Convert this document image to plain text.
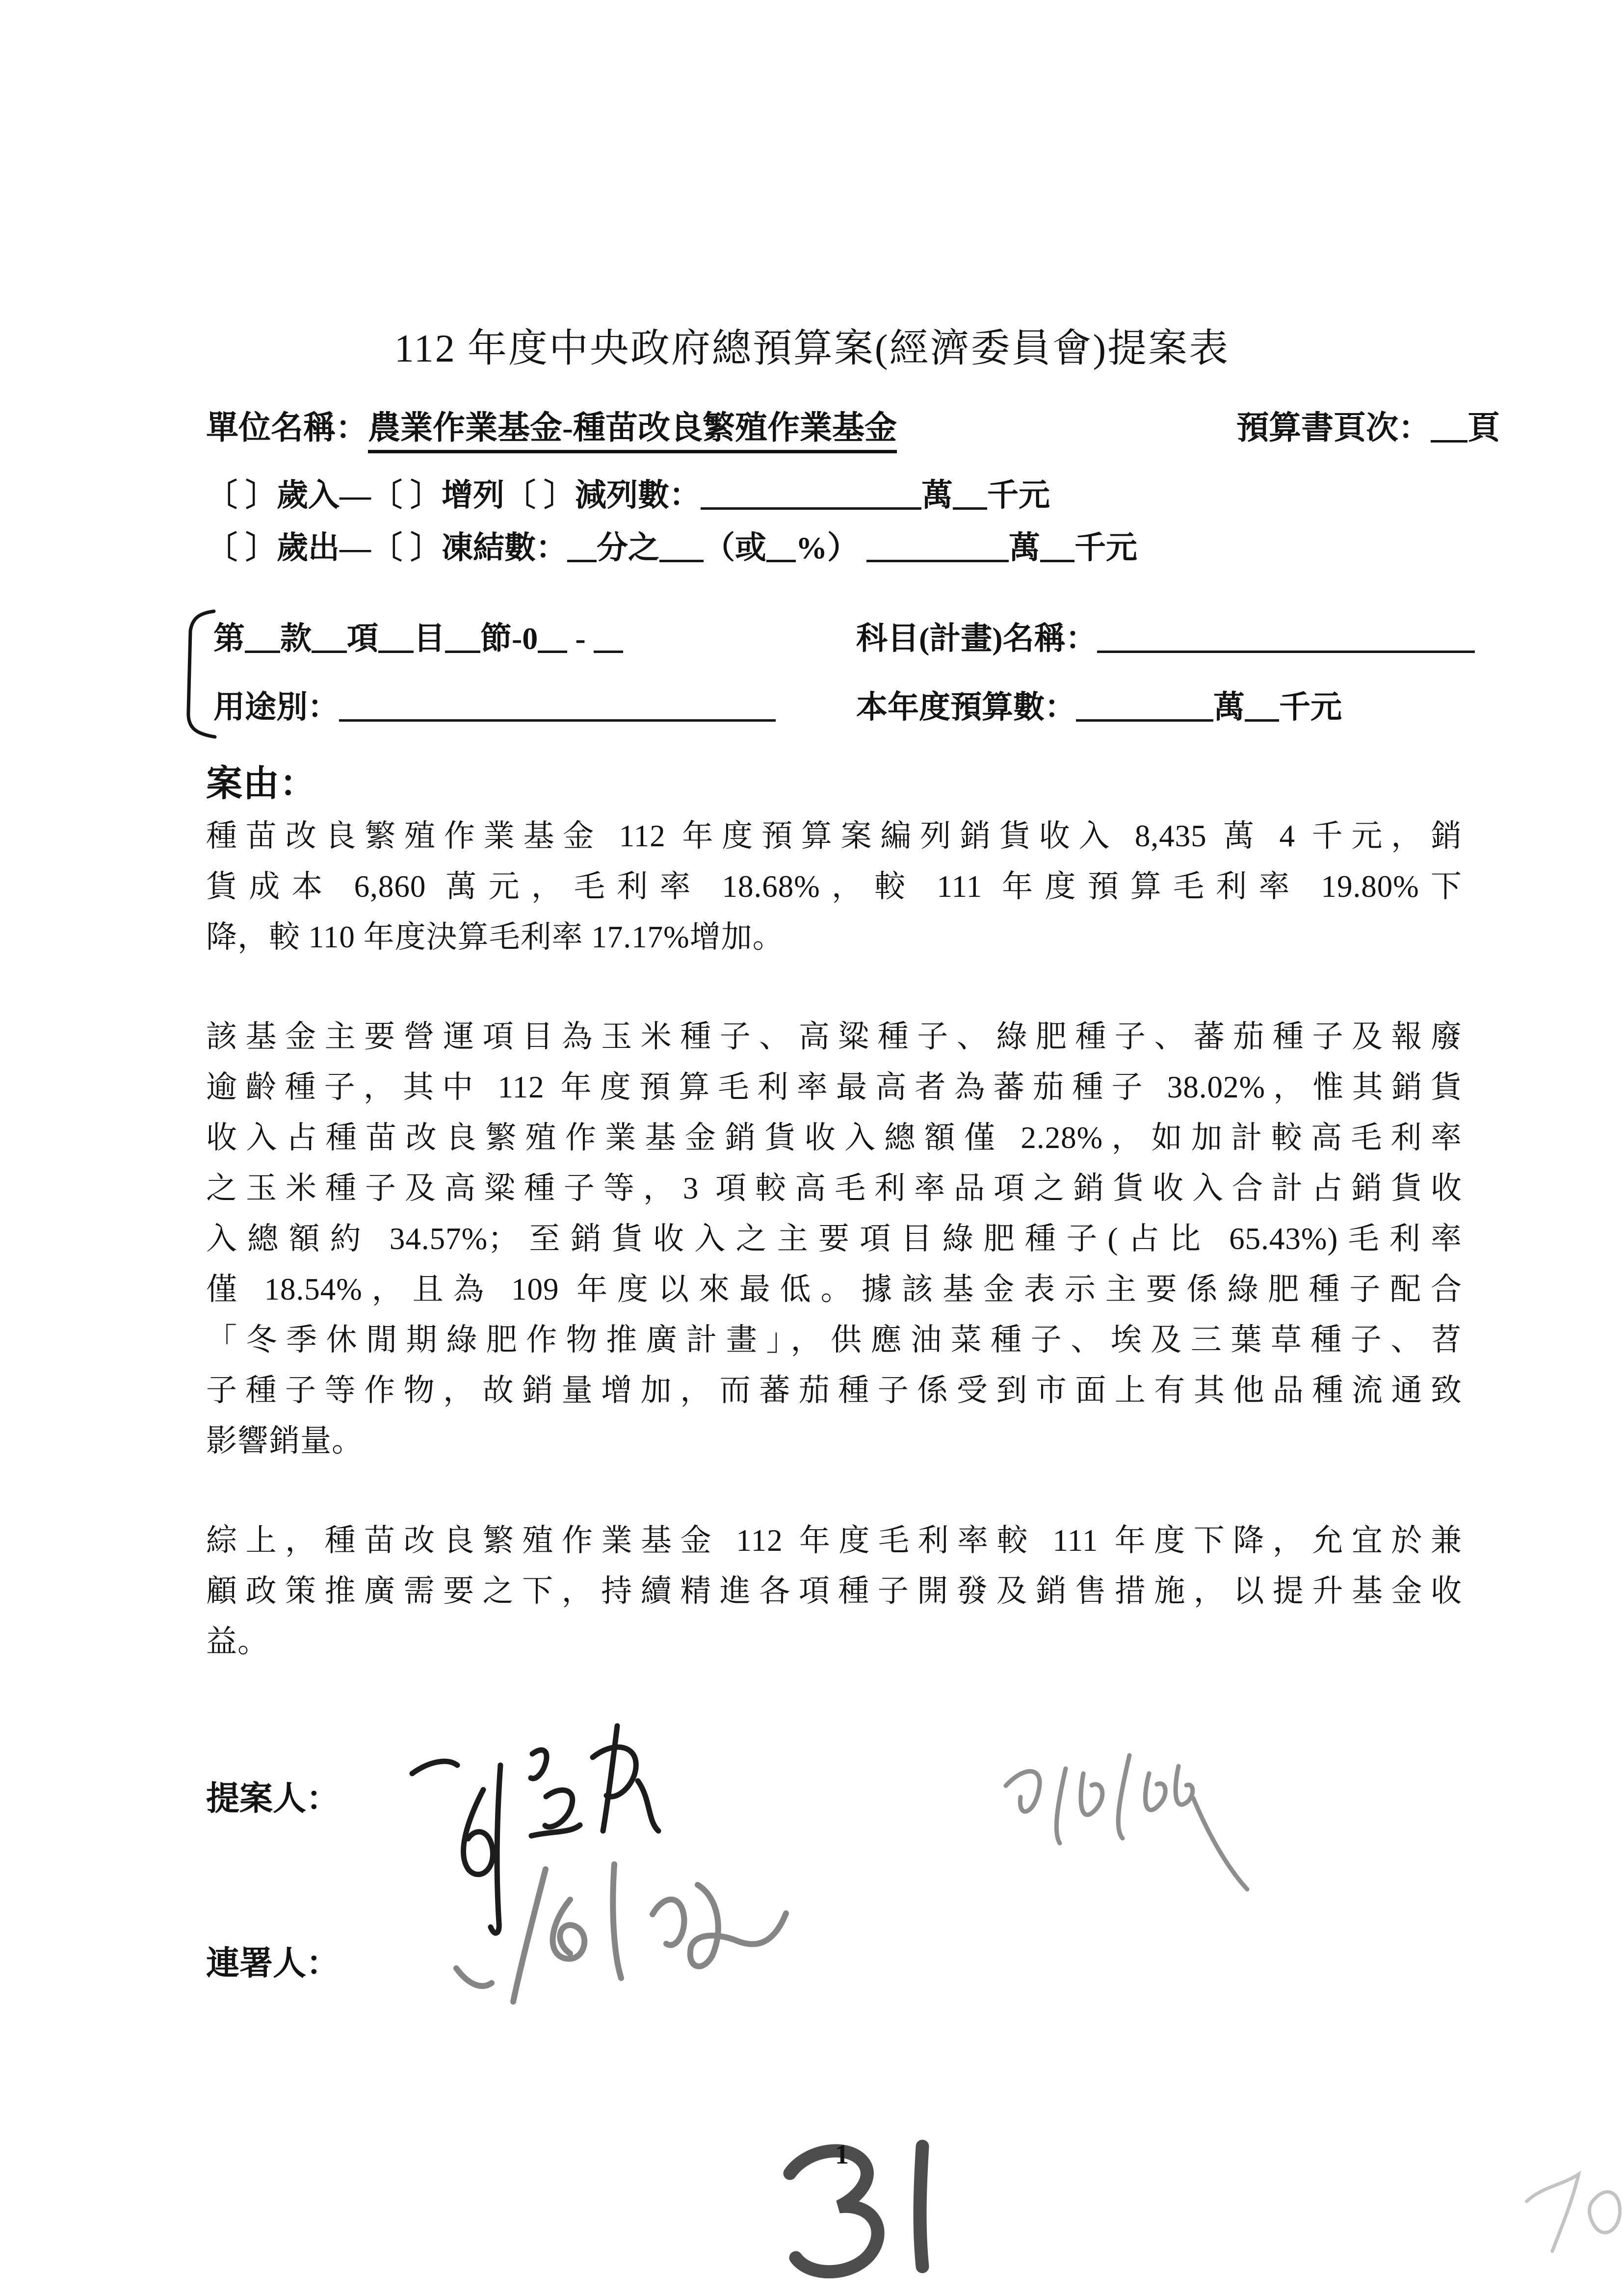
112 年度中央政府總預算案(經濟委員會)提案表
單位名稱：農業作業基金-種苗改良繁殖作業基金	預算書頁次： 頁
〔 〕歲入—〔 〕增列〔 〕減列數：	萬 千元
〔 〕歲出—〔 〕凍結數： 分之 （或 %）	萬 千元
第 款 項 目 節-0 -	科目(計畫)名稱：
用途別：	本年度預算數：	萬 千元
案由：
種苗改良繁殖作業基金 112 年度預算案編列銷貨收入 8,435 萬 4 千元，銷
貨成本 6,860 萬元，毛利率 18.68%，較 111 年度預算毛利率 19.80%下
降，較 110 年度決算毛利率 17.17%增加。
該基金主要營運項目為玉米種子、高粱種子、綠肥種子、蕃茄種子及報廢
逾齡種子，其中 112 年度預算毛利率最高者為蕃茄種子 38.02%，惟其銷貨
收入占種苗改良繁殖作業基金銷貨收入總額僅 2.28%，如加計較高毛利率
之玉米種子及高粱種子等，3 項較高毛利率品項之銷貨收入合計占銷貨收
入總額約 34.57%；至銷貨收入之主要項目綠肥種子(占比 65.43%)毛利率
僅 18.54%，且為 109 年度以來最低。據該基金表示主要係綠肥種子配合
「冬季休閒期綠肥作物推廣計畫」，供應油菜種子、埃及三葉草種子、苕
子種子等作物，故銷量增加，而蕃茄種子係受到市面上有其他品種流通致
影響銷量。
綜上，種苗改良繁殖作業基金 112 年度毛利率較 111 年度下降，允宜於兼
顧政策推廣需要之下，持續精進各項種子開發及銷售措施，以提升基金收
益。
提案人：
連署人：
1
